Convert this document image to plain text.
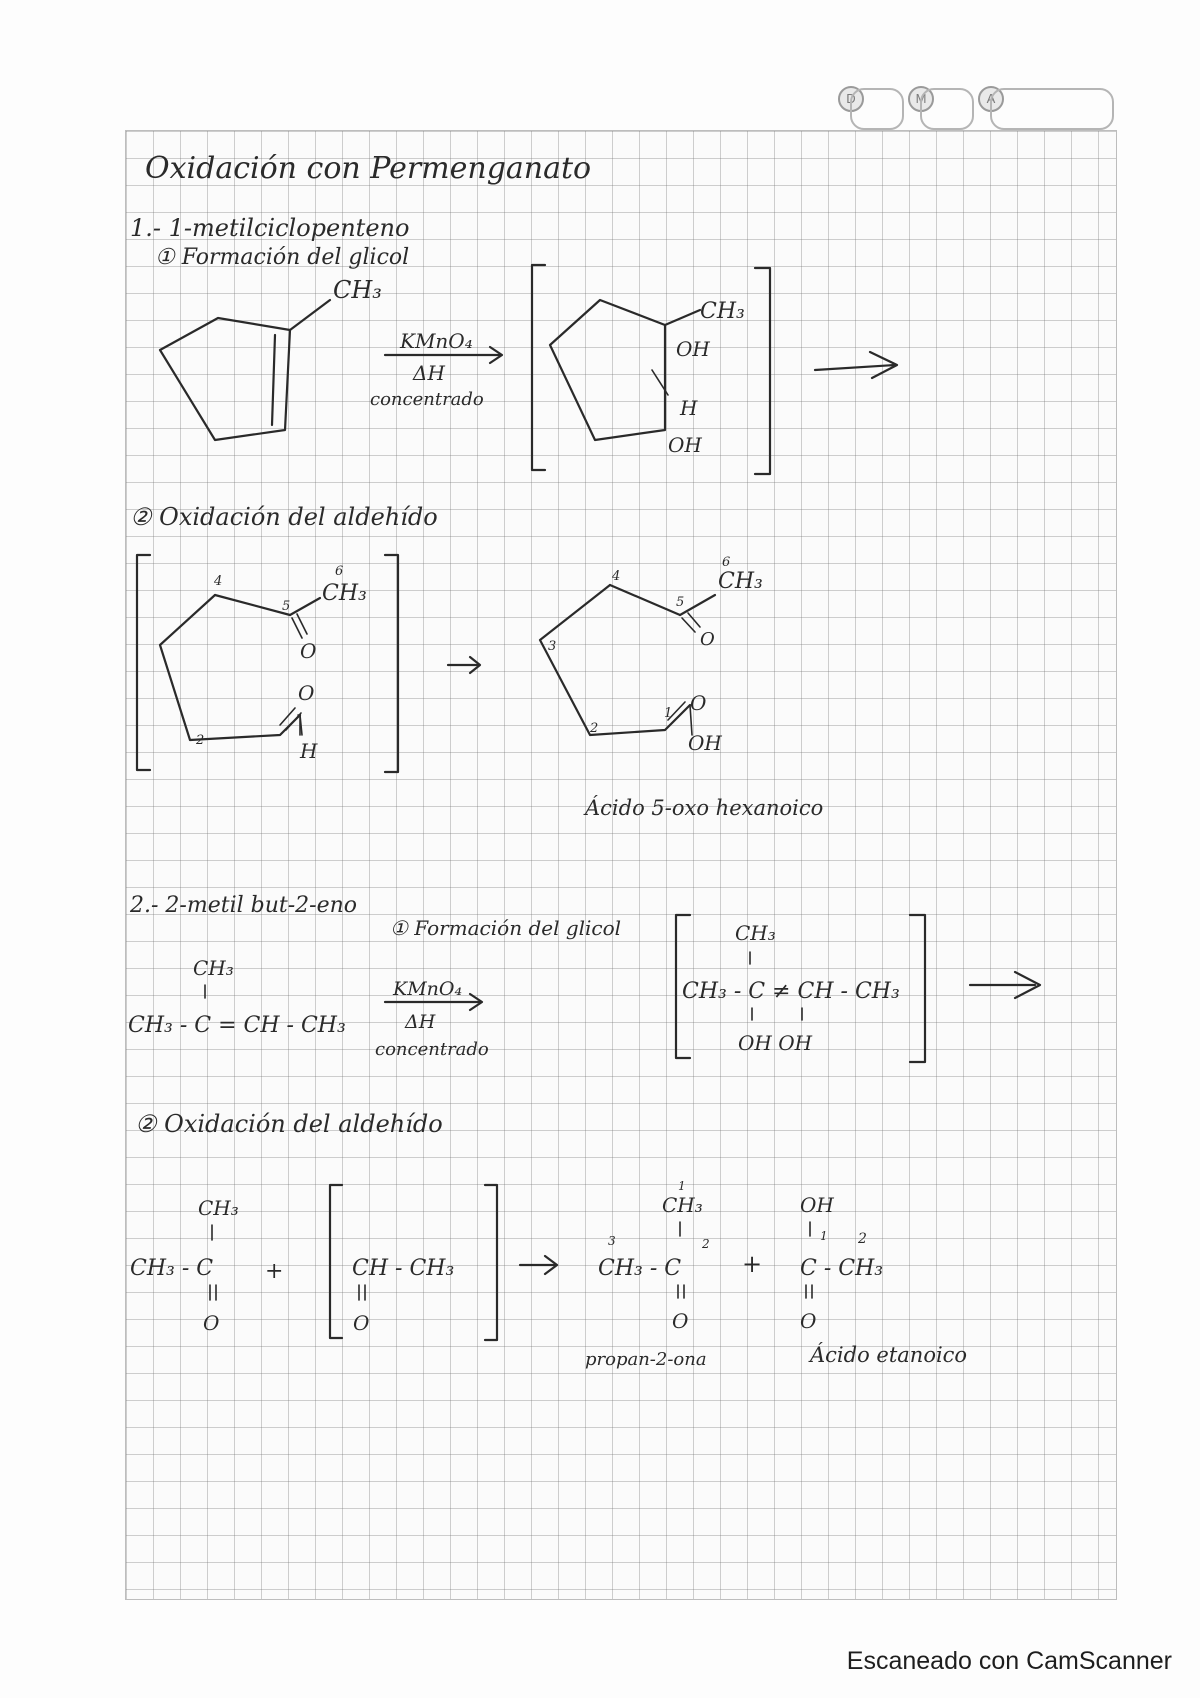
D	M	A
Oxidación con Permenganato
1.- 1-metilciclopenteno
① Formación del glicol
CH₃
KMnO₄
ΔH
concentrado
CH₃
OH
H
OH
② Oxidación del aldehído
4
5
6
CH₃
O
2
O
H
4
5
6
CH₃
O
3
2
1 O
OH
Ácido 5-oxo hexanoico
2.- 2-metil but-2-eno
① Formación del glicol
CH₃
CH₃ - C = CH - CH₃
KMnO₄
ΔH
concentrado
CH₃
CH₃ - C ≠ CH - CH₃
OH OH
② Oxidación del aldehído
CH₃
CH₃ - C
O
+	CH - CH₃
O
1
CH₃
3	2
CH₃ - C
O
propan-2-ona
+
OH
1 2
C - CH₃
O
Ácido etanoico
Escaneado con CamScanner
